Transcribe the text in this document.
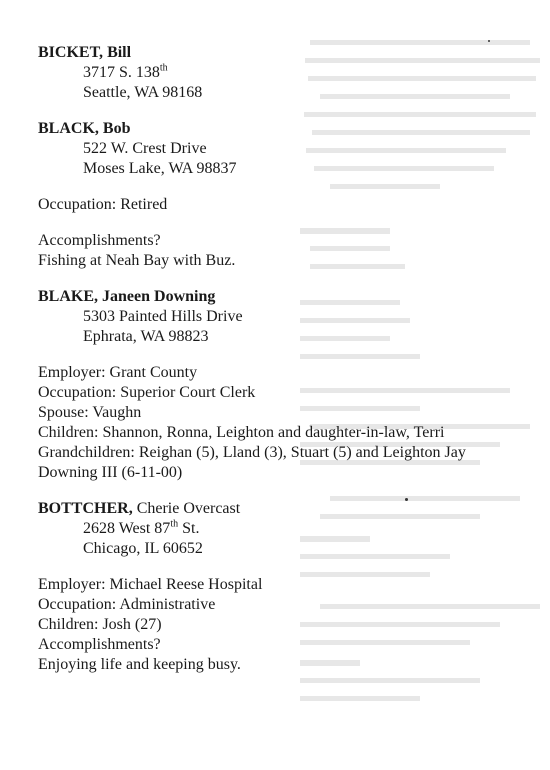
BICKET, Bill
3717 S. 138th
Seattle, WA 98168
BLACK, Bob
522 W. Crest Drive
Moses Lake, WA 98837
Occupation: Retired
Accomplishments?
Fishing at Neah Bay with Buz.
BLAKE, Janeen Downing
5303 Painted Hills Drive
Ephrata, WA 98823
Employer: Grant County
Occupation: Superior Court Clerk
Spouse: Vaughn
Children: Shannon, Ronna, Leighton and daughter-in-law, Terri
Grandchildren: Reighan (5), Lland (3), Stuart (5) and Leighton Jay
Downing III (6-11-00)
BOTTCHER, Cherie Overcast
2628 West 87th St.
Chicago, IL 60652
Employer: Michael Reese Hospital
Occupation: Administrative
Children: Josh (27)
Accomplishments?
Enjoying life and keeping busy.
